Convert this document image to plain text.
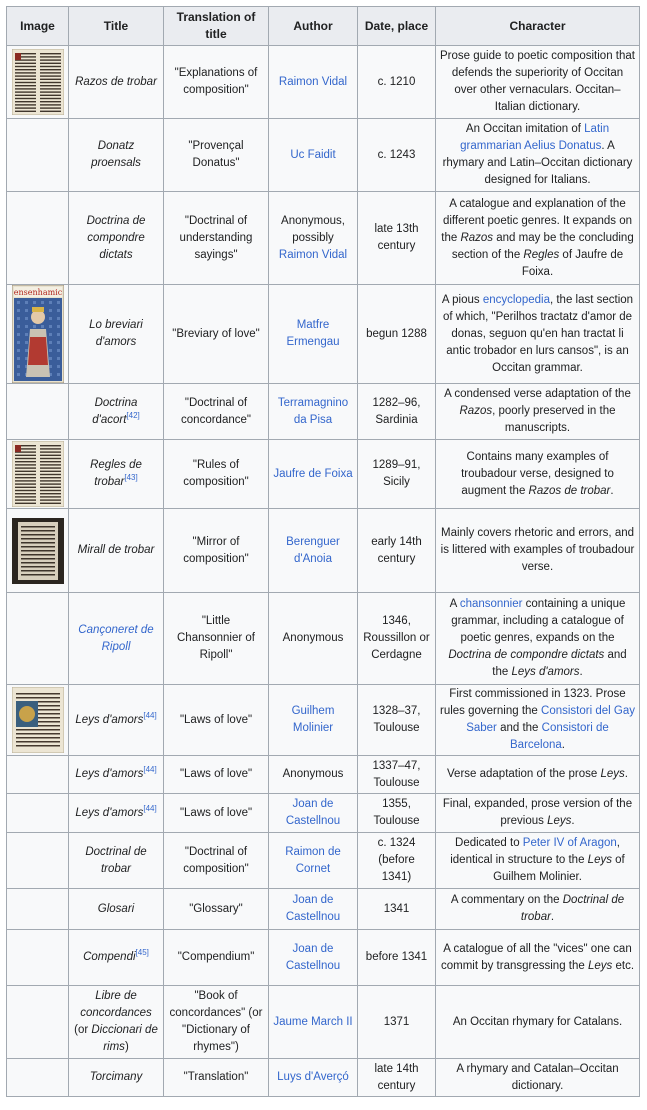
Image	Title	Translation of title	Author	Date, place	Character

	Razos de trobar	"Explanations of composition"	Raimon Vidal	c. 1210	Prose guide to poetic composition that defends the superiority of Occitan over other vernaculars. Occitan–Italian dictionary.
	Donatz proensals	"Provençal Donatus"	Uc Faidit	c. 1243	An Occitan imitation of Latin grammarian Aelius Donatus. A rhymary and Latin–Occitan dictionary designed for Italians.
	Doctrina de compondre dictats	"Doctrinal of understanding sayings"	Anonymous, possibly Raimon Vidal	late 13th century	A catalogue and explanation of the different poetic genres. It expands on the Razos and may be the concluding section of the Regles of Jaufre de Foixa.

ensenhamic	Lo breviari d'amors	"Breviary of love"	Matfre Ermengau	begun 1288	A pious encyclopedia, the last section of which, "Perilhos tractatz d'amor de donas, seguon qu'en han tractat li antic trobador en lurs cansos", is an Occitan grammar.
	Doctrina d'acort[42]	"Doctrinal of concordance"	Terramagnino da Pisa	1282–96, Sardinia	A condensed verse adaptation of the Razos, poorly preserved in the manuscripts.

	Regles de trobar[43]	"Rules of composition"	Jaufre de Foixa	1289–91, Sicily	Contains many examples of troubadour verse, designed to augment the Razos de trobar.

	Mirall de trobar	"Mirror of composition"	Berenguer d'Anoia	early 14th century	Mainly covers rhetoric and errors, and is littered with examples of troubadour verse.
	Cançoneret de Ripoll	"Little Chansonnier of Ripoll"	Anonymous	1346, Roussillon or Cerdagne	A chansonnier containing a unique grammar, including a catalogue of poetic genres, expands on the Doctrina de compondre dictats and the Leys d'amors.

	Leys d'amors[44]	"Laws of love"	Guilhem Molinier	1328–37, Toulouse	First commissioned in 1323. Prose rules governing the Consistori del Gay Saber and the Consistori de Barcelona.
	Leys d'amors[44]	"Laws of love"	Anonymous	1337–47, Toulouse	Verse adaptation of the prose Leys.
	Leys d'amors[44]	"Laws of love"	Joan de Castellnou	1355, Toulouse	Final, expanded, prose version of the previous Leys.
	Doctrinal de trobar	"Doctrinal of composition"	Raimon de Cornet	c. 1324 (before 1341)	Dedicated to Peter IV of Aragon, identical in structure to the Leys of Guilhem Molinier.
	Glosari	"Glossary"	Joan de Castellnou	1341	A commentary on the Doctrinal de trobar.
	Compendi[45]	"Compendium"	Joan de Castellnou	before 1341	A catalogue of all the "vices" one can commit by transgressing the Leys etc.
	Libre de concordances (or Diccionari de rims)	"Book of concordances" (or "Dictionary of rhymes")	Jaume March II	1371	An Occitan rhymary for Catalans.
	Torcimany	"Translation"	Luys d'Averçó	late 14th century	A rhymary and Catalan–Occitan dictionary.
